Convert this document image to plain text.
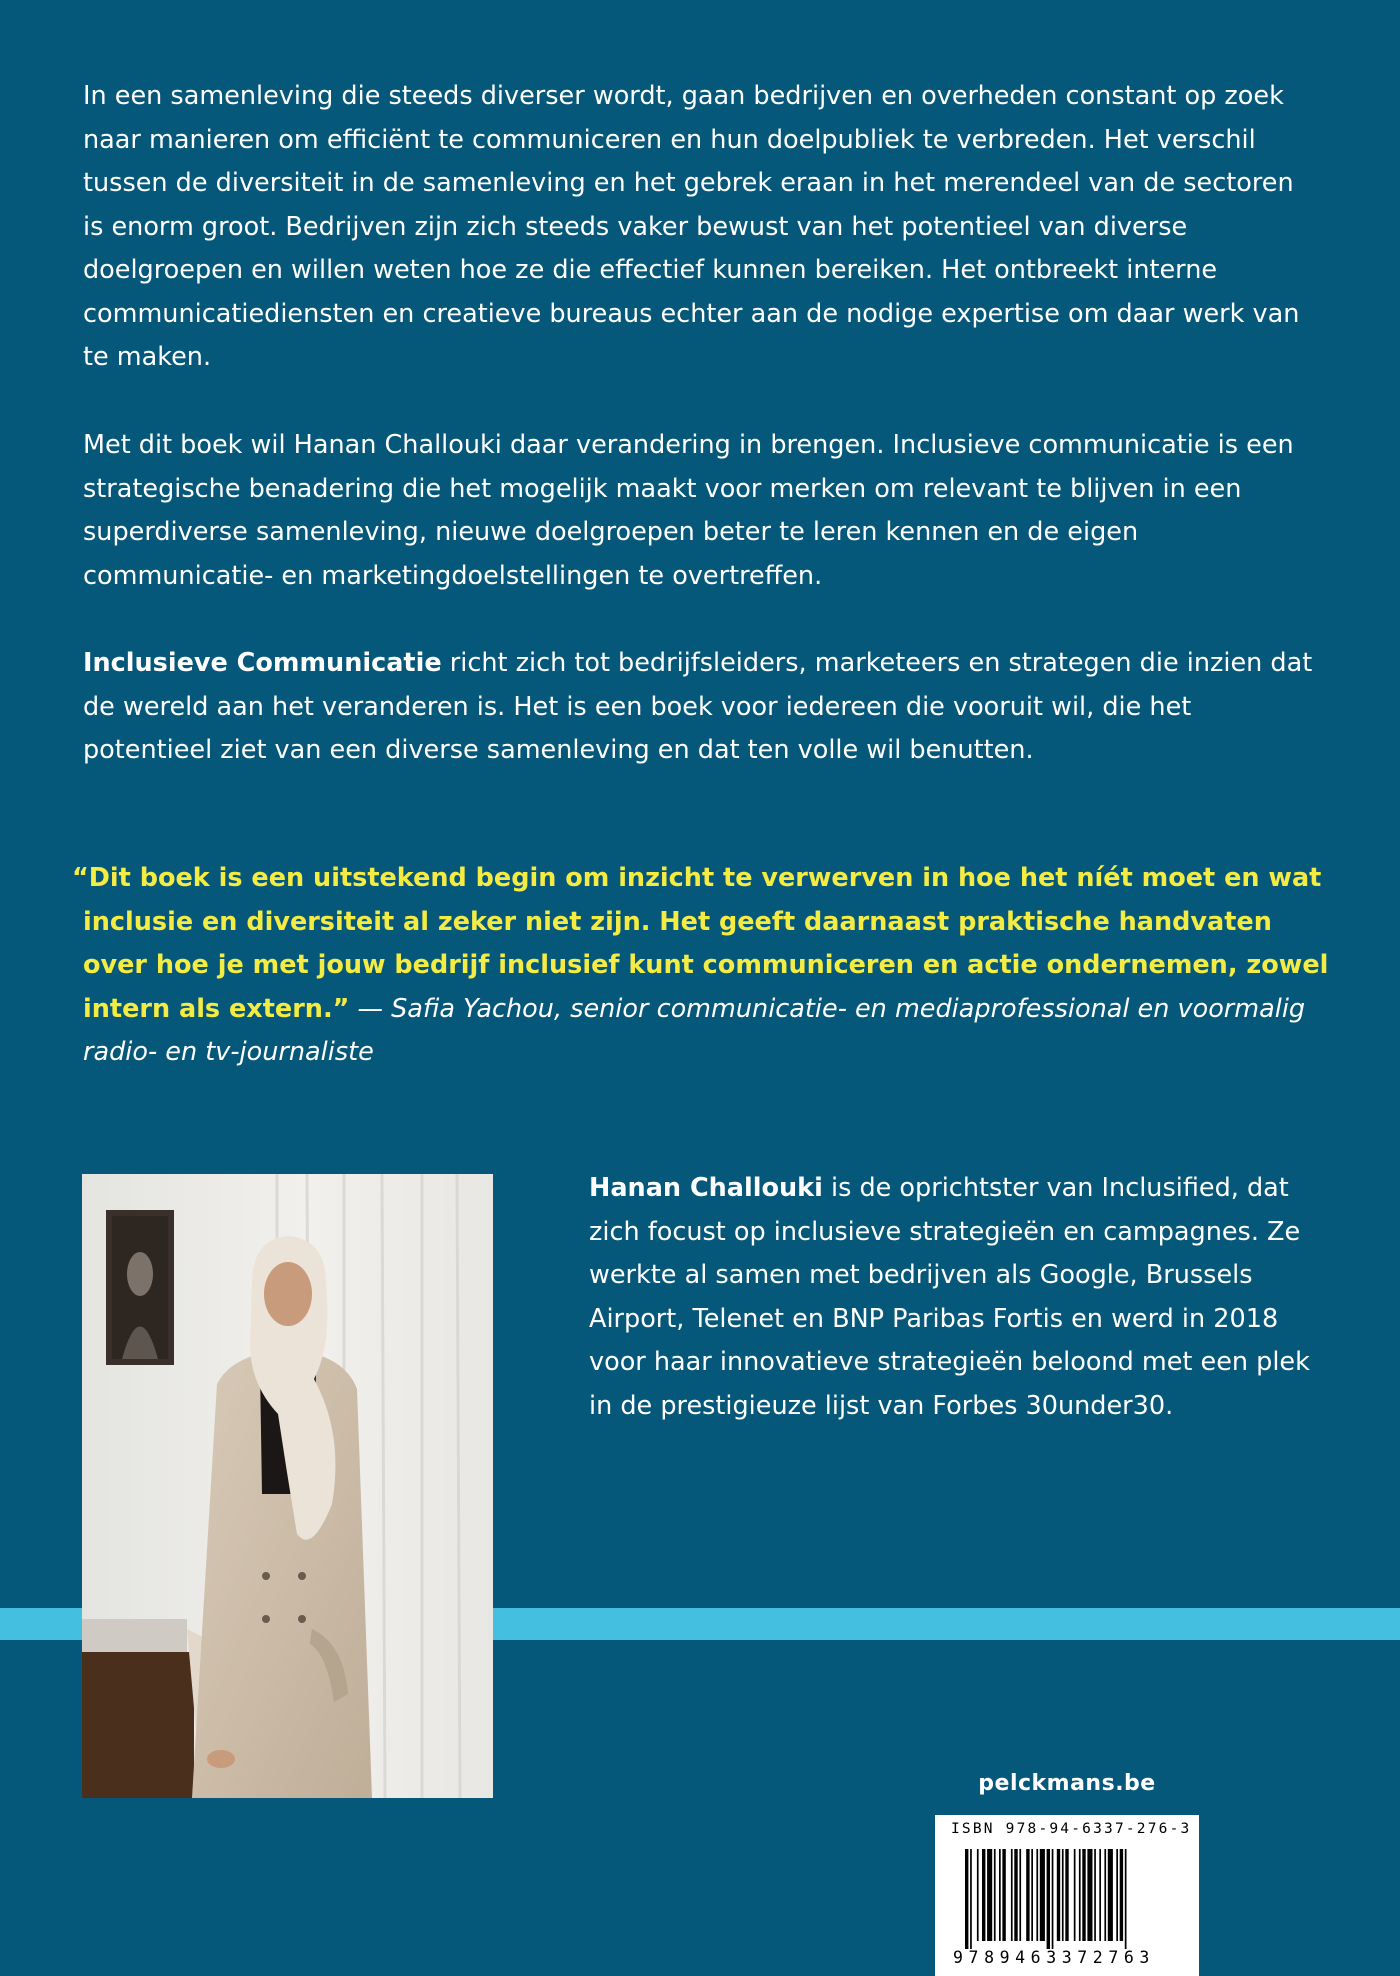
In een samenleving die steeds diverser wordt, gaan bedrijven en overheden constant op zoek naar manieren om efficiënt te communiceren en hun doelpubliek te verbreden. Het verschil tussen de diversiteit in de samenleving en het gebrek eraan in het merendeel van de sectoren is enorm groot. Bedrijven zijn zich steeds vaker bewust van het potentieel van diverse doelgroepen en willen weten hoe ze die effectief kunnen bereiken. Het ontbreekt interne communicatiediensten en creatieve bureaus echter aan de nodige expertise om daar werk van te maken.

Met dit boek wil Hanan Challouki daar verandering in brengen. Inclusieve communicatie is een strategische benadering die het mogelijk maakt voor merken om relevant te blijven in een superdiverse samenleving, nieuwe doelgroepen beter te leren kennen en de eigen communicatie- en marketingdoelstellingen te overtreffen.

Inclusieve Communicatie richt zich tot bedrijfsleiders, marketeers en strategen die inzien dat de wereld aan het veranderen is. Het is een boek voor iedereen die vooruit wil, die het potentieel ziet van een diverse samenleving en dat ten volle wil benutten.

“Dit boek is een uitstekend begin om inzicht te verwerven in hoe het níét moet en wat inclusie en diversiteit al zeker niet zijn. Het geeft daarnaast praktische handvaten over hoe je met jouw bedrijf inclusief kunt communiceren en actie ondernemen, zowel intern als extern.” — Safia Yachou, senior communicatie- en mediaprofessional en voormalig radio- en tv-journaliste

Hanan Challouki is de oprichtster van Inclusified, dat zich focust op inclusieve strategieën en campagnes. Ze werkte al samen met bedrijven als Google, Brussels Airport, Telenet en BNP Paribas Fortis en werd in 2018 voor haar innovatieve strategieën beloond met een plek in de prestigieuze lijst van Forbes 30under30.

pelckmans.be
ISBN 978-94-6337-276-3
9789463372763
